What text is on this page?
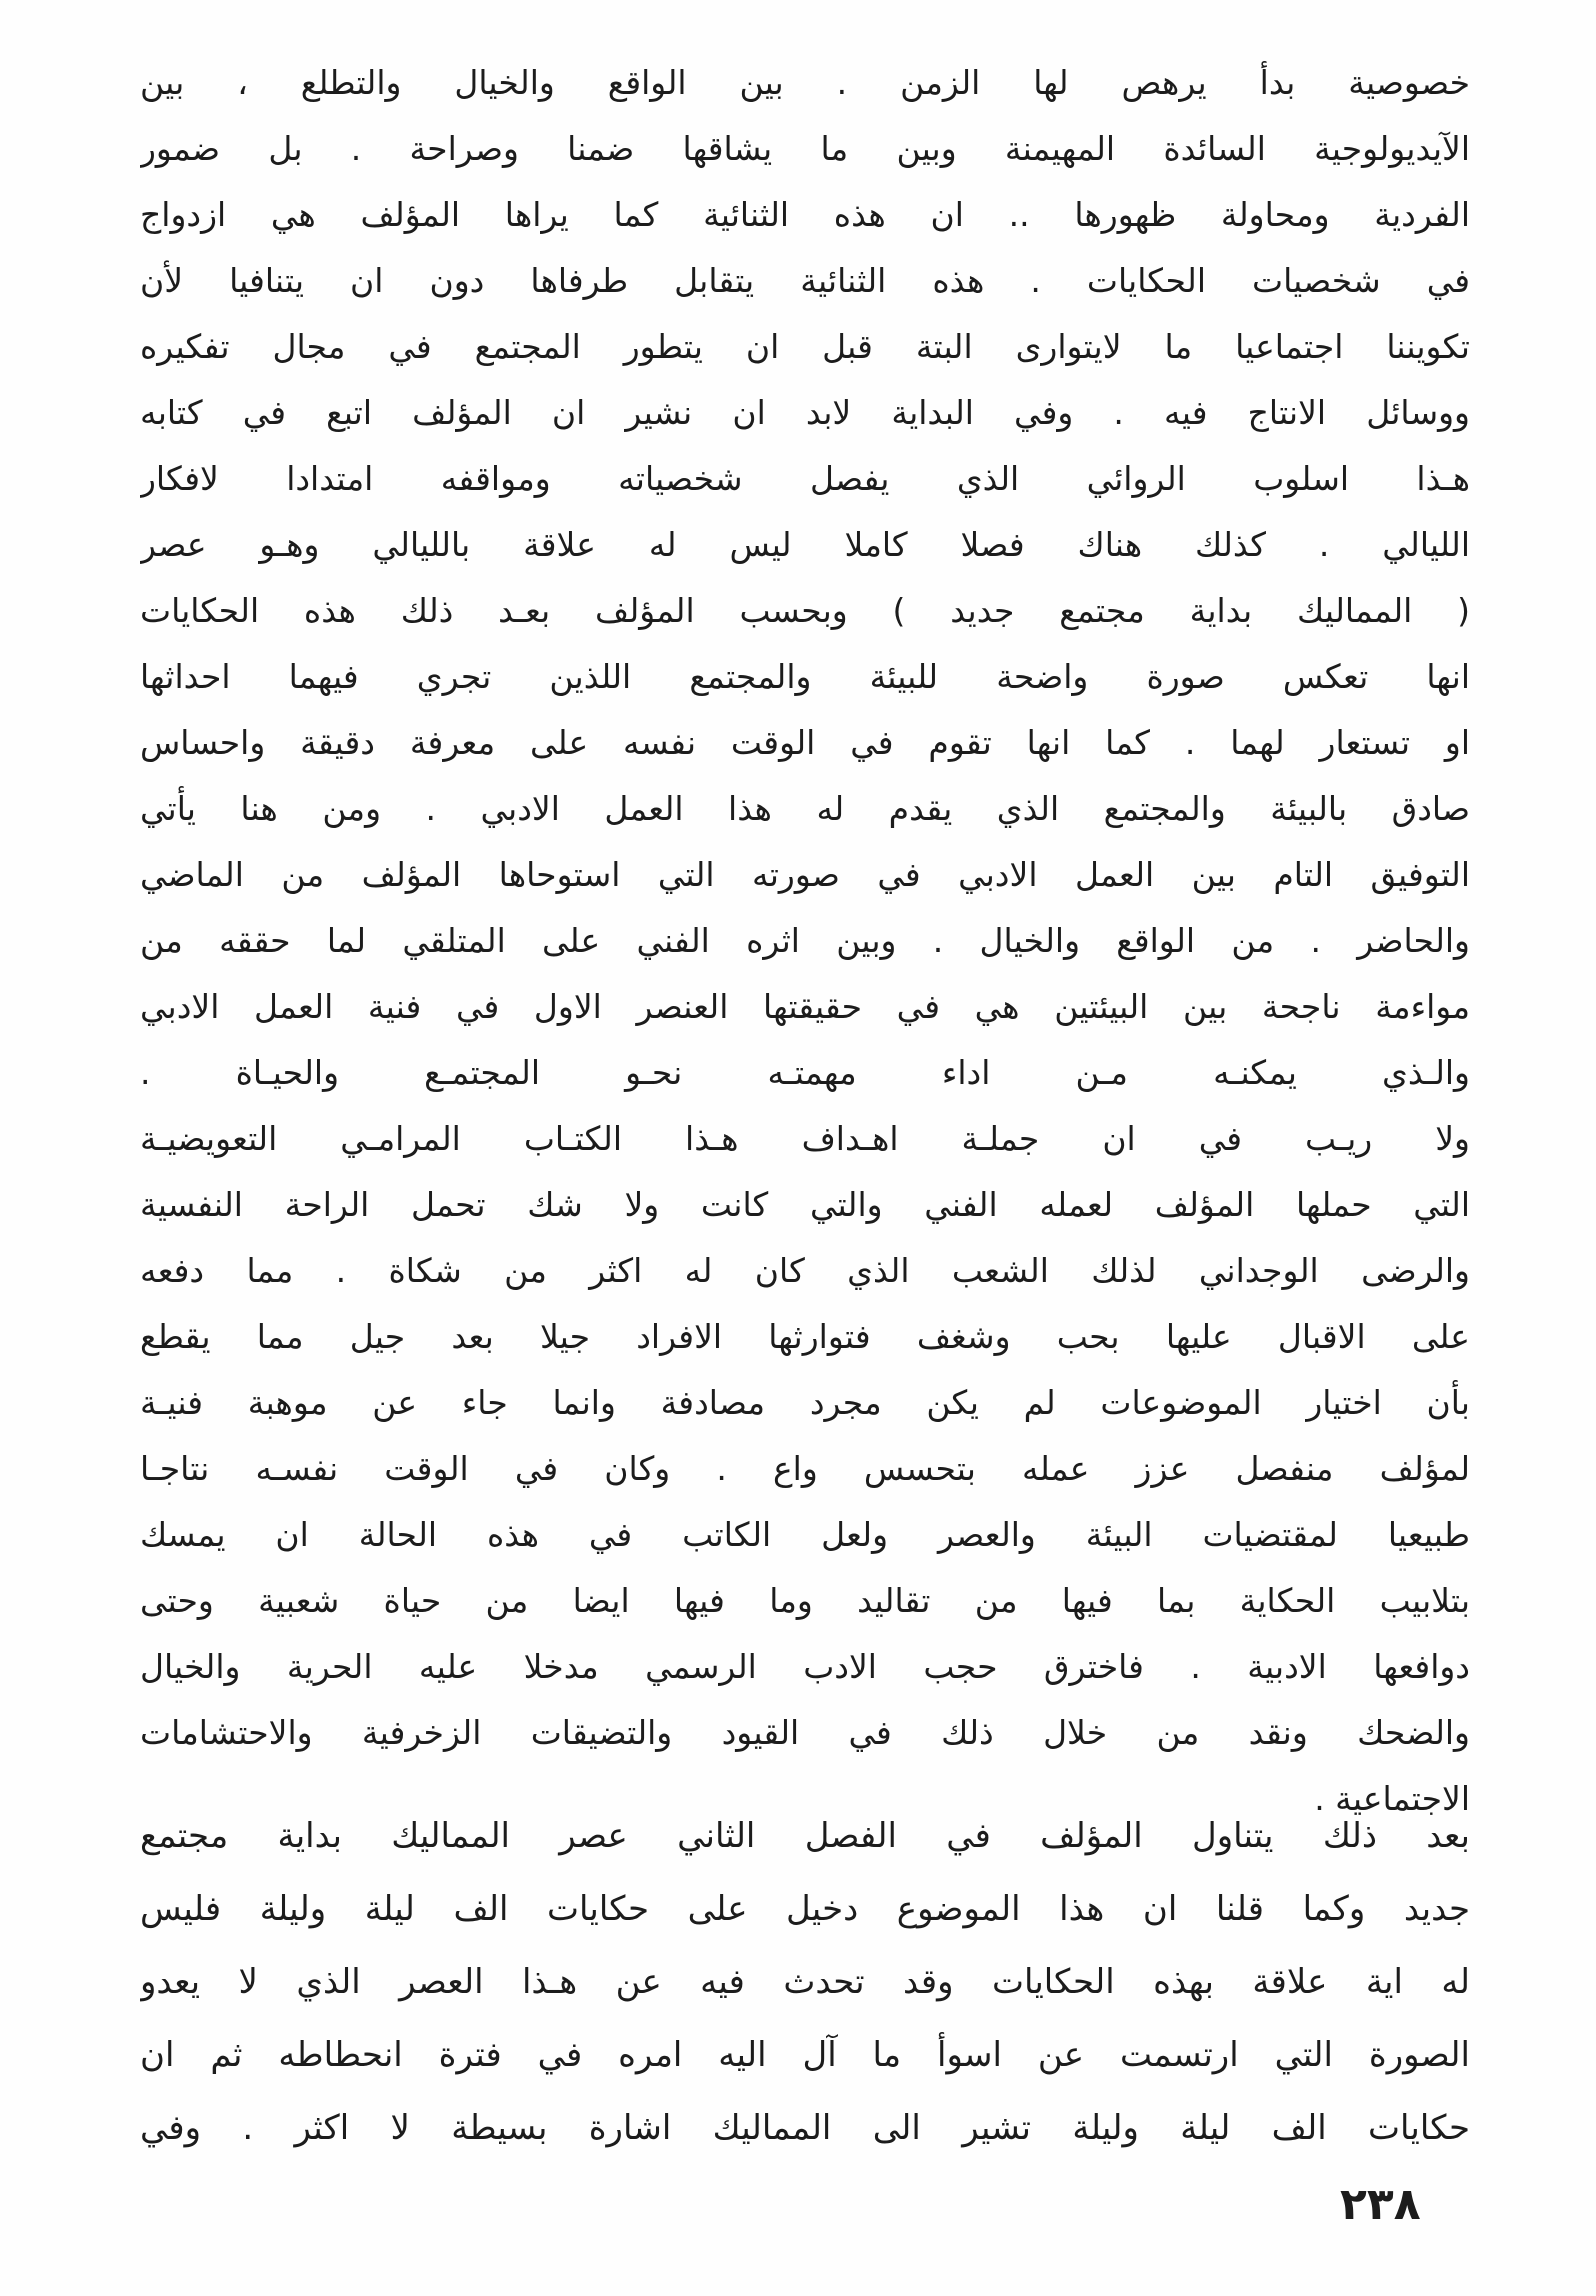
خصوصية بدأ يرهص لها الزمن . بين الواقع والخيال والتطلع ، بين
الآيديولوجية السائدة المهيمنة وبين ما يشاقها ضمنا وصراحة . بل ضمور
الفردية ومحاولة ظهورها .. ان هذه الثنائية كما يراها المؤلف هي ازدواج
في شخصيات الحكايات . هذه الثنائية يتقابل طرفاها دون ان يتنافيا لأن
تكويننا اجتماعيا ما لايتوارى البتة قبل ان يتطور المجتمع في مجال تفكيره
ووسائل الانتاج فيه . وفي البداية لابد ان نشير ان المؤلف اتبع في كتابه
هـذا اسلوب الروائي الذي يفصل شخصياته ومواقفه امتدادا لافكار
الليالي . كذلك هناك فصلا كاملا ليس له علاقة بالليالي وهـو عصر
( المماليك بداية مجتمع جديد ) وبحسب المؤلف بعـد ذلك هذه الحكايات
انها تعكس صورة واضحة للبيئة والمجتمع اللذين تجري فيهما احداثها
او تستعار لهما . كما انها تقوم في الوقت نفسه على معرفة دقيقة واحساس
صادق بالبيئة والمجتمع الذي يقدم له هذا العمل الادبي . ومن هنا يأتي
التوفيق التام بين العمل الادبي في صورته التي استوحاها المؤلف من الماضي
والحاضر . من الواقع والخيال . وبين اثره الفني على المتلقي لما حققه من
مواءمة ناجحة بين البيئتين هي في حقيقتها العنصر الاول في فنية العمل الادبي
والـذي يمكنـه مـن اداء مهمتـه نحـو المجتمـع والحيـاة .
ولا ريـب في ان جملـة اهـداف هـذا الكتـاب المرامـي التعويضيـة
التي حملها المؤلف لعمله الفني والتي كانت ولا شك تحمل الراحة النفسية
والرضى الوجداني لذلك الشعب الذي كان له اكثر من شكاة . مما دفعه
على الاقبال عليها بحب وشغف فتوارثها الافراد جيلا بعد جيل مما يقطع
بأن اختيار الموضوعات لم يكن مجرد مصادفة وانما جاء عن موهبة فنيـة
لمؤلف منفصل عزز عمله بتحسس واع . وكان في الوقت نفسـه نتاجـا
طبيعيا لمقتضيات البيئة والعصر ولعل الكاتب في هذه الحالة ان يمسك
بتلابيب الحكاية بما فيها من تقاليد وما فيها ايضا من حياة شعبية وحتى
دوافعها الادبية . فاخترق حجب الادب الرسمي مدخلا عليه الحرية والخيال
والضحك ونقد من خلال ذلك في القيود والتضيقات الزخرفية والاحتشامات
الاجتماعية .
بعد ذلك يتناول المؤلف في الفصل الثاني عصر المماليك بداية مجتمع
جديد وكما قلنا ان هذا الموضوع دخيل على حكايات الف ليلة وليلة فليس
له اية علاقة بهذه الحكايات وقد تحدث فيه عن هـذا العصر الذي لا يعدو
الصورة التي ارتسمت عن اسوأ ما آل اليه امره في فترة انحطاطه ثم ان
حكايات الف ليلة وليلة تشير الى المماليك اشارة بسيطة لا اكثر . وفي
٢٣٨
